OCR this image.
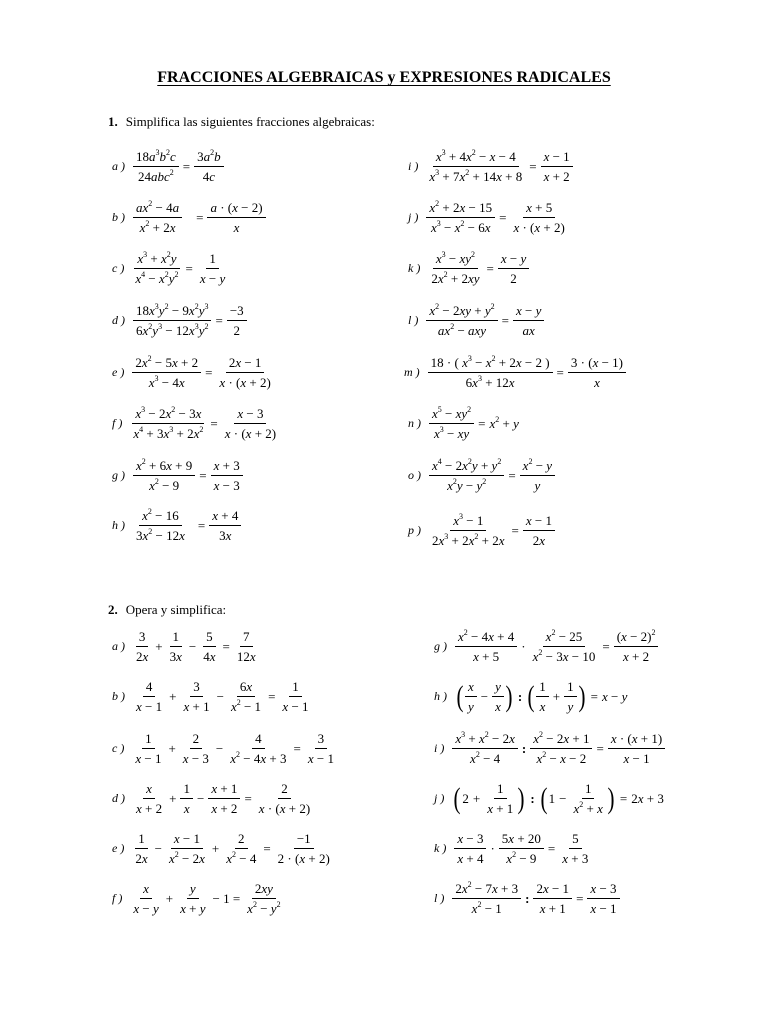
FRACCIONES ALGEBRAICAS y EXPRESIONES RADICALES
1. Simplifica las siguientes fracciones algebraicas:
2. Opera y simplifica:
a ) $\frac{18a^3b^2c}{24abc^2} = \frac{3a^2b}{4c}$
b ) $\frac{ax^2 - 4a}{x^2 + 2x} = \frac{a \cdot (x - 2)}{x}$
c ) $\frac{x^3 + x^2y}{x^4 - x^2y^2} = \frac{1}{x - y}$
d ) $\frac{18x^3y^2 - 9x^2y^3}{6x^2y^3 - 12x^3y^2} = \frac{-3}{2}$
e ) $\frac{2x^2 - 5x + 2}{x^3 - 4x} = \frac{2x - 1}{x \cdot (x + 2)}$
f ) $\frac{x^3 - 2x^2 - 3x}{x^4 + 3x^3 + 2x^2} = \frac{x - 3}{x \cdot (x + 2)}$
g ) $\frac{x^2 + 6x + 9}{x^2 - 9} = \frac{x + 3}{x - 3}$
h ) $\frac{x^2 - 16}{3x^2 - 12x} = \frac{x + 4}{3x}$
i ) $\frac{x^3 + 4x^2 - x - 4}{x^3 + 7x^2 + 14x + 8} = \frac{x - 1}{x + 2}$
j ) $\frac{x^2 + 2x - 15}{x^3 - x^2 - 6x} = \frac{x + 5}{x \cdot (x + 2)}$
k ) $\frac{x^3 - xy^2}{2x^2 + 2xy} = \frac{x - y}{2}$
l ) $\frac{x^2 - 2xy + y^2}{ax^2 - axy} = \frac{x - y}{ax}$
m ) $\frac{18 \cdot ( x^3 - x^2 + 2x - 2 )}{6x^3 + 12x} = \frac{3 \cdot (x - 1)}{x}$
n ) $\frac{x^5 - xy^2}{x^3 - xy} = x^2 + y$
o ) $\frac{x^4 - 2x^2y + y^2}{x^2y - y^2} = \frac{x^2 - y}{y}$
p ) $\frac{x^3 - 1}{2x^3 + 2x^2 + 2x} = \frac{x - 1}{2x}$
a ) $\frac{3}{2x} + \frac{1}{3x} - \frac{5}{4x} = \frac{7}{12x}$
b ) $\frac{4}{x - 1} + \frac{3}{x + 1} - \frac{6x}{x^2 - 1} = \frac{1}{x - 1}$
c ) $\frac{1}{x - 1} + \frac{2}{x - 3} - \frac{4}{x^2 - 4x + 3} = \frac{3}{x - 1}$
d ) $\frac{x}{x + 2} + \frac{1}{x} - \frac{x + 1}{x + 2} = \frac{2}{x \cdot (x + 2)}$
e ) $\frac{1}{2x} - \frac{x - 1}{x^2 - 2x} + \frac{2}{x^2 - 4} = \frac{-1}{2 \cdot (x + 2)}$
f ) $\frac{x}{x - y} + \frac{y}{x + y} - 1 = \frac{2xy}{x^2 - y^2}$
g ) $\frac{x^2 - 4x + 4}{x + 5} \cdot \frac{x^2 - 25}{x^2 - 3x - 10} = \frac{(x - 2)^2}{x + 2}$
h ) ( $\frac{x}{y} - \frac{y}{x}$ ) : ( $\frac{1}{x} + \frac{1}{y}$ ) = x − y
i ) $\frac{x^3 + x^2 - 2x}{x^2 - 4}$ : $\frac{x^2 - 2x + 1}{x^2 - x - 2} = \frac{x \cdot (x + 1)}{x - 1}$
j ) ( $2 + \frac{1}{x + 1}$ ) : ( $1 - \frac{1}{x^2 + x}$ ) = 2x + 3
k ) $\frac{x - 3}{x + 4} \cdot \frac{5x + 20}{x^2 - 9} = \frac{5}{x + 3}$
l ) $\frac{2x^2 - 7x + 3}{x^2 - 1}$ : $\frac{2x - 1}{x + 1} = \frac{x - 3}{x - 1}$
